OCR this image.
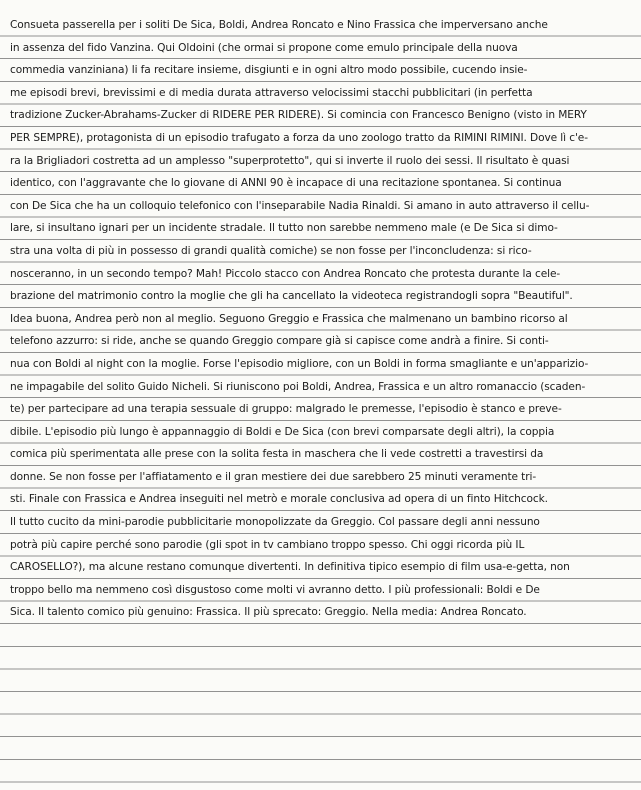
Consueta passerella per i soliti De Sica, Boldi, Andrea Roncato e Nino Frassica che imperversano anche
in assenza del fido Vanzina. Qui Oldoini (che ormai si propone come emulo principale della nuova
commedia vanziniana) li fa recitare insieme, disgiunti e in ogni altro modo possibile, cucendo insie-
me episodi brevi, brevissimi e di media durata attraverso velocissimi stacchi pubblicitari (in perfetta
tradizione Zucker-Abrahams-Zucker di RIDERE PER RIDERE). Si comincia con Francesco Benigno (visto in MERY
PER SEMPRE), protagonista di un episodio trafugato a forza da uno zoologo tratto da RIMINI RIMINI. Dove lì c'e-
ra la Brigliadori costretta ad un amplesso "superprotetto", qui si inverte il ruolo dei sessi. Il risultato è quasi
identico, con l'aggravante che lo giovane di ANNI 90 è incapace di una recitazione spontanea. Si continua
con De Sica che ha un colloquio telefonico con l'inseparabile Nadia Rinaldi. Si amano in auto attraverso il cellu-
lare, si insultano ignari per un incidente stradale. Il tutto non sarebbe nemmeno male (e De Sica si dimo-
stra una volta di più in possesso di grandi qualità comiche) se non fosse per l'inconcludenza: si rico-
nosceranno, in un secondo tempo? Mah! Piccolo stacco con Andrea Roncato che protesta durante la cele-
brazione del matrimonio contro la moglie che gli ha cancellato la videoteca registrandogli sopra "Beautiful".
Idea buona, Andrea però non al meglio. Seguono Greggio e Frassica che malmenano un bambino ricorso al
telefono azzurro: si ride, anche se quando Greggio compare già si capisce come andrà a finire. Si conti-
nua con Boldi al night con la moglie. Forse l'episodio migliore, con un Boldi in forma smagliante e un'apparizio-
ne impagabile del solito Guido Nicheli. Si riuniscono poi Boldi, Andrea, Frassica e un altro romanaccio (scaden-
te) per partecipare ad una terapia sessuale di gruppo: malgrado le premesse, l'episodio è stanco e preve-
dibile. L'episodio più lungo è appannaggio di Boldi e De Sica (con brevi comparsate degli altri), la coppia
comica più sperimentata alle prese con la solita festa in maschera che li vede costretti a travestirsi da
donne. Se non fosse per l'affiatamento e il gran mestiere dei due sarebbero 25 minuti veramente tri-
sti. Finale con Frassica e Andrea inseguiti nel metrò e morale conclusiva ad opera di un finto Hitchcock.
Il tutto cucito da mini-parodie pubblicitarie monopolizzate da Greggio. Col passare degli anni nessuno
potrà più capire perché sono parodie (gli spot in tv cambiano troppo spesso. Chi oggi ricorda più IL
CAROSELLO?), ma alcune restano comunque divertenti. In definitiva tipico esempio di film usa-e-getta, non
troppo bello ma nemmeno così disgustoso come molti vi avranno detto. I più professionali: Boldi e De
Sica. Il talento comico più genuino: Frassica. Il più sprecato: Greggio. Nella media: Andrea Roncato.
